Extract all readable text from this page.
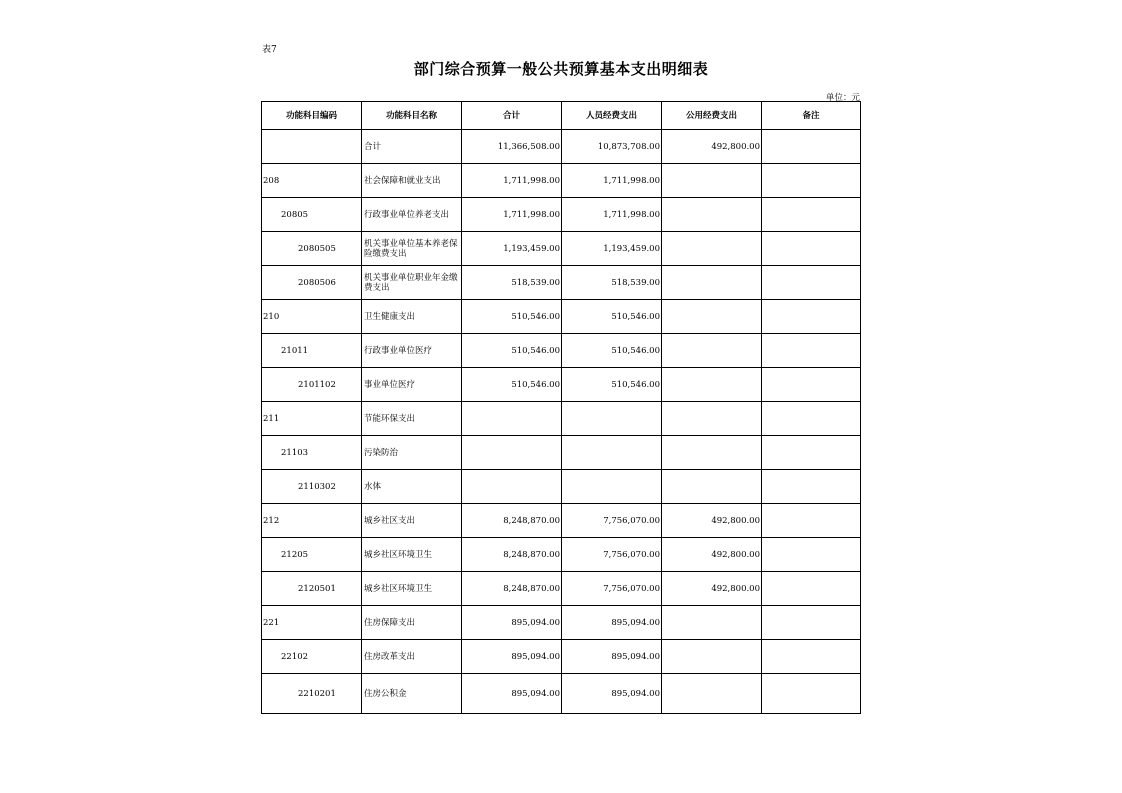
表7
部门综合预算一般公共预算基本支出明细表
单位：元
功能科目编码	功能科目名称	合计	人员经费支出	公用经费支出	备注
	合计	11,366,508.00	10,873,708.00	492,800.00	
208	社会保障和就业支出	1,711,998.00	1,711,998.00		
20805	行政事业单位养老支出	1,711,998.00	1,711,998.00		
2080505	机关事业单位基本养老保险缴费支出	1,193,459.00	1,193,459.00		
2080506	机关事业单位职业年金缴费支出	518,539.00	518,539.00		
210	卫生健康支出	510,546.00	510,546.00		
21011	行政事业单位医疗	510,546.00	510,546.00		
2101102	事业单位医疗	510,546.00	510,546.00		
211	节能环保支出				
21103	污染防治				
2110302	水体				
212	城乡社区支出	8,248,870.00	7,756,070.00	492,800.00	
21205	城乡社区环境卫生	8,248,870.00	7,756,070.00	492,800.00	
2120501	城乡社区环境卫生	8,248,870.00	7,756,070.00	492,800.00	
221	住房保障支出	895,094.00	895,094.00		
22102	住房改革支出	895,094.00	895,094.00		
2210201	住房公积金	895,094.00	895,094.00		
